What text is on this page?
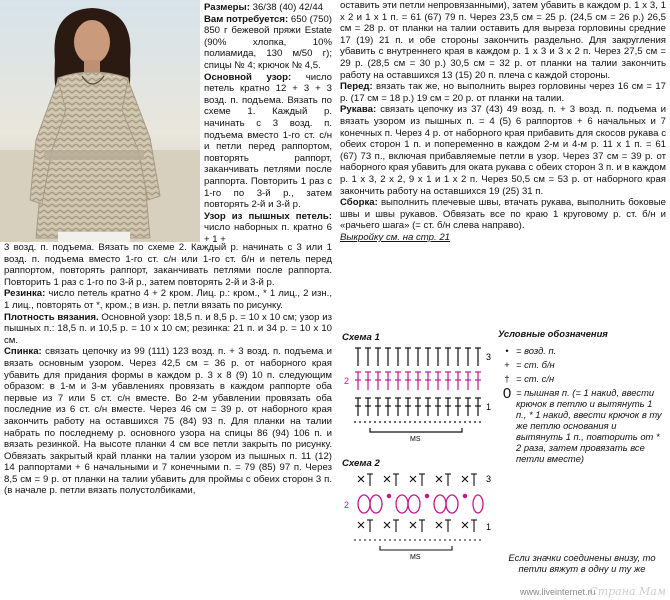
Размеры: 36/38 (40) 42/44

Вам потребуется: 650 (750) 850 г бежевой пряжи Estate (90% хлопка, 10% полиамида, 130 м/50 г); спицы № 4; крючок № 4,5.

Основной узор: число петель кратно 12 + 3 + 3 возд. п. подъема. Вязать по схеме 1. Каждый р. начинать с 3 возд. п. подъема вместо 1-го ст. с/н и петли перед раппортом, повторять раппорт, заканчивать петлями после раппорта. Повторить 1 раз с 1-го по 3-й р., затем повторять 2-й и 3-й р.

Узор из пышных петель: число наборных п. кратно 6 + 1 +

3 возд. п. подъема. Вязать по схеме 2. Каждый р. начинать с 3 или 1 возд. п. подъема вместо 1-го ст. с/н или 1-го ст. б/н и петель перед раппортом, повторять раппорт, заканчивать петлями после раппорта. Повторить 1 раз с 1-го по 3-й р., затем повторять 2-й и 3-й р.

Резинка: число петель кратно 4 + 2 кром. Лиц. р.: кром., * 1 лиц., 2 изн., 1 лиц., повторять от *, кром.; в изн. р. петли вязать по рисунку.

Плотность вязания. Основной узор: 18,5 п. и 8,5 р. = 10 х 10 см; узор из пышных п.: 18,5 п. и 10,5 р. = 10 х 10 см; резинка: 21 п. и 34 р. = 10 х 10 см.

Спинка: связать цепочку из 99 (111) 123 возд. п. + 3 возд. п. подъема и вязать основным узором. Через 42,5 см = 36 р. от наборного края убавить для придания формы в каждом р. 3 х 8 (9) 10 п. следующим образом: в 1-м и 3-м убавлениях провязать в каждом раппорте оба первые из 7 или 5 ст. с/н вместе. Во 2-м убавлении провязать оба последние из 6 ст. с/н вместе. Через 46 см = 39 р. от наборного края закончить работу на оставшихся 75 (84) 93 п. Для планки на талии набрать по последнему р. основного узора на спицы 86 (94) 106 п. и вязать резинкой. На высоте планки 4 см все петли закрыть по рисунку. Обвязать закрытый край планки на талии узором из пышных п. 11 (12) 14 раппортами + 6 начальными и 7 конечными п. = 79 (85) 97 п. Через 8,5 см = 9 р. от планки на талии убавить для проймы с обеих сторон 3 п. (в начале р. петли вязать полустолбиками,

оставить эти петли непровязанными), затем убавить в каждом р. 1 х 3, 1 х 2 и 1 х 1 п. = 61 (67) 79 п. Через 23,5 см = 25 р. (24,5 см = 26 р.) 26,5 см = 28 р. от планки на талии оставить для выреза горловины средние 17 (19) 21 п. и обе стороны закончить раздельно. Для закругления убавить с внутреннего края в каждом р. 1 х 3 и 3 х 2 п. Через 27,5 см = 29 р. (28,5 см = 30 р.) 30,5 см = 32 р. от планки на талии закончить работу на оставшихся 13 (15) 20 п. плеча с каждой стороны.

Перед: вязать так же, но выполнить вырез горловины через 16 см = 17 р. (17 см = 18 р.) 19 см = 20 р. от планки на талии.

Рукава: связать цепочку из 37 (43) 49 возд. п. + 3 возд. п. подъема и вязать узором из пышных п. = 4 (5) 6 раппортов + 6 начальных и 7 конечных п. Через 4 р. от наборного края прибавить для скосов рукава с обеих сторон 1 п. и попеременно в каждом 2-м и 4-м р. 11 х 1 п. = 61 (67) 73 п., включая прибавляемые петли в узор. Через 37 см = 39 р. от наборного края убавить для оката рукава с обеих сторон 3 п. и в каждом р. 1 х 3, 2 х 2, 9 х 1 и 1 х 2 п. Через 50,5 см = 53 р. от наборного края закончить работу на оставшихся 19 (25) 31 п.

Сборка: выполнить плечевые швы, втачать рукава, выполнить боковые швы и швы рукавов. Обвязать все по краю 1 круговому р. ст. б/н и «рачьего шага» (= ст. б/н слева направо).

Выкройку см. на стр. 21

Схема 1
3
2
1
MS
Схема 2
3
2
1
MS
Условные обозначения
• = возд. п.
+ = ст. б/н
† = ст. с/н
0 = пышная п. (= 1 накид, ввести крючок в петлю и вытянуть 1 п., * 1 накид, ввести крючок в ту же петлю основания и вытянуть 1 п., повторить от * 2 раза, затем провязать все петли вместе)
Если значки соединены внизу, то петли вяжут в одну и ту же
www.liveinternet.ru
Страна Мам
